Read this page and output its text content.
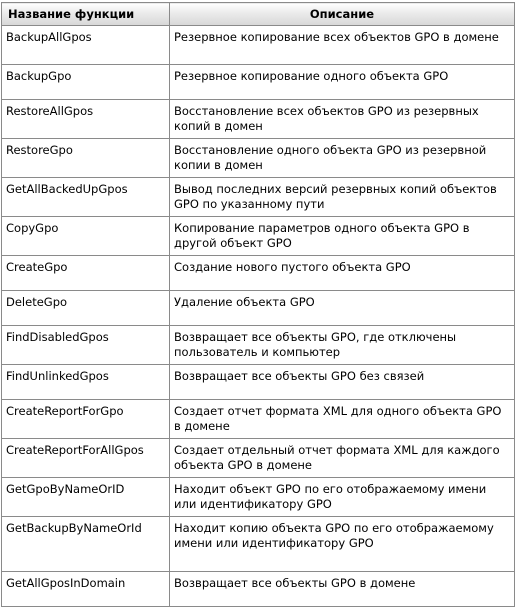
Название функции	Описание
BackupAllGpos	Резервное копирование всех объектов GPO в домене
BackupGpo	Резервное копирование одного объекта GPO
RestoreAllGpos	Восстановление всех объектов GPO из резервных копий в домен
RestoreGpo	Восстановление одного объекта GPO из резервной копии в домен
GetAllBackedUpGpos	Вывод последних версий резервных копий объектов GPO по указанному пути
CopyGpo	Копирование параметров одного объекта GPO в другой объект GPO
CreateGpo	Создание нового пустого объекта GPO
DeleteGpo	Удаление объекта GPO
FindDisabledGpos	Возвращает все объекты GPO, где отключены пользователь и компьютер
FindUnlinkedGpos	Возвращает все объекты GPO без связей
CreateReportForGpo	Создает отчет формата XML для одного объекта GPO в домене
CreateReportForAllGpos	Создает отдельный отчет формата XML для каждого объекта GPO в домене
GetGpoByNameOrID	Находит объект GPO по его отображаемому имени или идентификатору GPO
GetBackupByNameOrId	Находит копию объекта GPO по его отображаемому имени или идентификатору GPO
GetAllGposInDomain	Возвращает все объекты GPO в домене
